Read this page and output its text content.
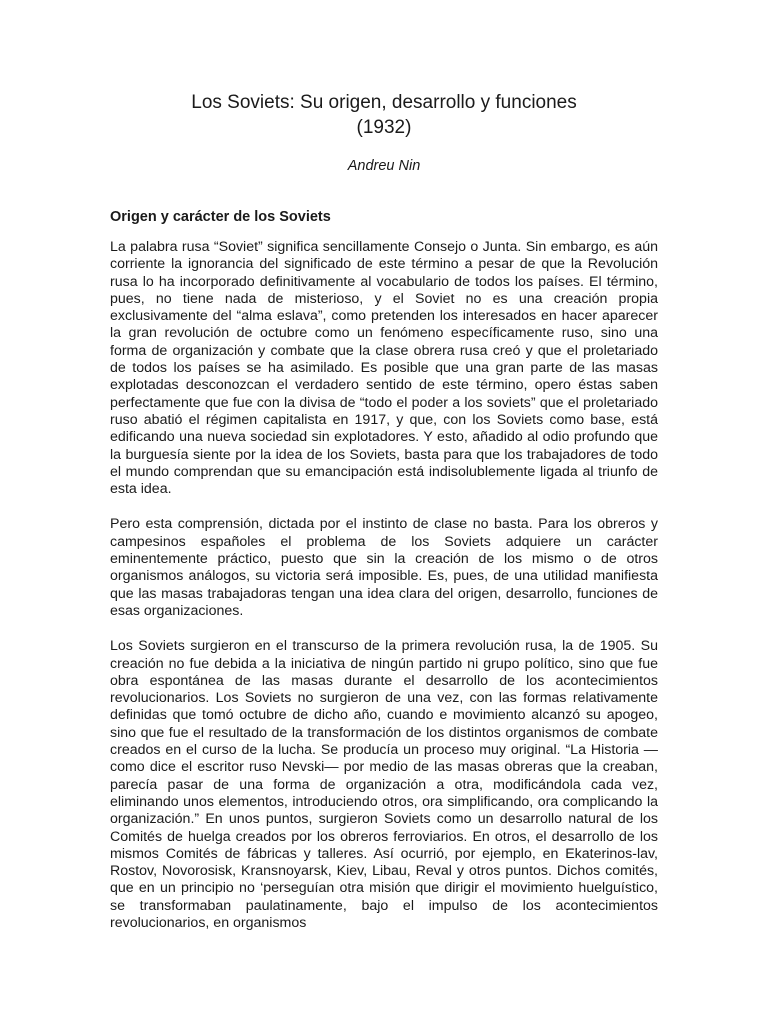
Los Soviets: Su origen, desarrollo y funciones
(1932)
Andreu Nin
Origen y carácter de los Soviets

La palabra rusa “Soviet” significa sencillamente Consejo o Junta. Sin embargo, es aún corriente la ignorancia del significado de este término a pesar de que la Revolución rusa lo ha incorporado definitivamente al vocabulario de todos los países. El término, pues, no tiene nada de misterioso, y el Soviet no es una creación propia exclusivamente del “alma eslava”, como pretenden los interesados en hacer aparecer la gran revolución de octubre como un fenómeno específicamente ruso, sino una forma de organización y combate que la clase obrera rusa creó y que el proletariado de todos los países se ha asimilado. Es posible que una gran parte de las masas explotadas desconozcan el verdadero sentido de este término, opero éstas saben perfectamente que fue con la divisa de “todo el poder a los soviets” que el proletariado ruso abatió el régimen capitalista en 1917, y que, con los Soviets como base, está edificando una nueva sociedad sin explotadores. Y esto, añadido al odio profundo que la burguesía siente por la idea de los Soviets, basta para que los trabajadores de todo el mundo comprendan que su emancipación está indisolublemente ligada al triunfo de esta idea.

Pero esta comprensión, dictada por el instinto de clase no basta. Para los obreros y campesinos españoles el problema de los Soviets adquiere un carácter eminentemente práctico, puesto que sin la creación de los mismo o de otros organismos análogos, su victoria será imposible. Es, pues, de una utilidad manifiesta que las masas trabajadoras tengan una idea clara del origen, desarrollo, funciones de esas organizaciones.

Los Soviets surgieron en el transcurso de la primera revolución rusa, la de 1905. Su creación no fue debida a la iniciativa de ningún partido ni grupo político, sino que fue obra espontánea de las masas durante el desarrollo de los acontecimientos revolucionarios. Los Soviets no surgieron de una vez, con las formas relativamente definidas que tomó octubre de dicho año, cuando e movimiento alcanzó su apogeo, sino que fue el resultado de la transformación de los distintos organismos de combate creados en el curso de la lucha. Se producía un proceso muy original. “La Historia —como dice el escritor ruso Nevski— por medio de las masas obreras que la creaban, parecía pasar de una forma de organización a otra, modificándola cada vez, eliminando unos elementos, introduciendo otros, ora simplificando, ora complicando la organización.” En unos puntos, surgieron Soviets como un desarrollo natural de los Comités de huelga creados por los obreros ferroviarios. En otros, el desarrollo de los mismos Comités de fábricas y talleres. Así ocurrió, por ejemplo, en Ekaterinos-lav, Rostov, Novorosisk, Kransnoyarsk, Kiev, Libau, Reval y otros puntos. Dichos comités, que en un principio no ‘perseguían otra misión que dirigir el movimiento huelguístico, se transformaban paulatinamente, bajo el impulso de los acontecimientos revolucionarios, en organismos
